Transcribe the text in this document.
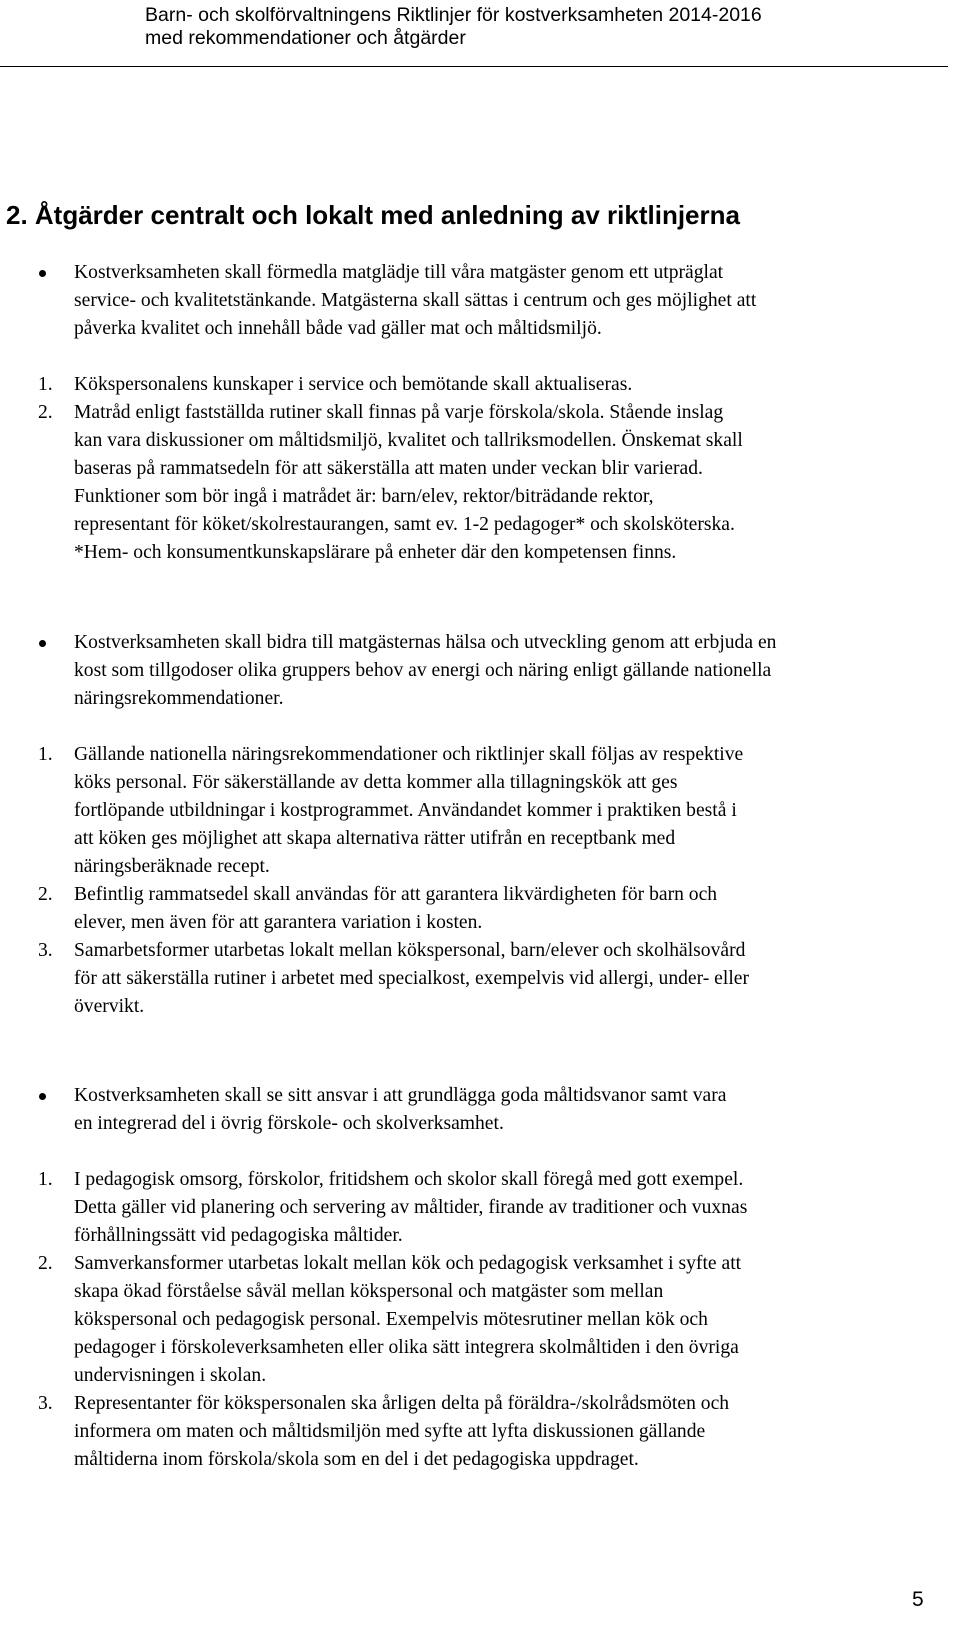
Barn- och skolförvaltningens Riktlinjer för kostverksamheten 2014-2016
med rekommendationer och åtgärder
2. Åtgärder centralt och lokalt med anledning av riktlinjerna
Kostverksamheten skall förmedla matglädje till våra matgäster genom ett utpräglat
service- och kvalitetstänkande. Matgästerna skall sättas i centrum och ges möjlighet att
påverka kvalitet och innehåll både vad gäller mat och måltidsmiljö.
1. Kökspersonalens kunskaper i service och bemötande skall aktualiseras.
2. Matråd enligt fastställda rutiner skall finnas på varje förskola/skola. Stående inslag
kan vara diskussioner om måltidsmiljö, kvalitet och tallriksmodellen. Önskemat skall
baseras på rammatsedeln för att säkerställa att maten under veckan blir varierad.
Funktioner som bör ingå i matrådet är: barn/elev, rektor/biträdande rektor,
representant för köket/skolrestaurangen, samt ev. 1-2 pedagoger* och skolsköterska.
*Hem- och konsumentkunskapslärare på enheter där den kompetensen finns.
Kostverksamheten skall bidra till matgästernas hälsa och utveckling genom att erbjuda en
kost som tillgodoser olika gruppers behov av energi och näring enligt gällande nationella
näringsrekommendationer.
1. Gällande nationella näringsrekommendationer och riktlinjer skall följas av respektive
köks personal. För säkerställande av detta kommer alla tillagningskök att ges
fortlöpande utbildningar i kostprogrammet. Användandet kommer i praktiken bestå i
att köken ges möjlighet att skapa alternativa rätter utifrån en receptbank med
näringsberäknade recept.
2. Befintlig rammatsedel skall användas för att garantera likvärdigheten för barn och
elever, men även för att garantera variation i kosten.
3. Samarbetsformer utarbetas lokalt mellan kökspersonal, barn/elever och skolhälsovård
för att säkerställa rutiner i arbetet med specialkost, exempelvis vid allergi, under- eller
övervikt.
Kostverksamheten skall se sitt ansvar i att grundlägga goda måltidsvanor samt vara
en integrerad del i övrig förskole- och skolverksamhet.
1. I pedagogisk omsorg, förskolor, fritidshem och skolor skall föregå med gott exempel.
Detta gäller vid planering och servering av måltider, firande av traditioner och vuxnas
förhållningssätt vid pedagogiska måltider.
2. Samverkansformer utarbetas lokalt mellan kök och pedagogisk verksamhet i syfte att
skapa ökad förståelse såväl mellan kökspersonal och matgäster som mellan
kökspersonal och pedagogisk personal. Exempelvis mötesrutiner mellan kök och
pedagoger i förskoleverksamheten eller olika sätt integrera skolmåltiden i den övriga
undervisningen i skolan.
3. Representanter för kökspersonalen ska årligen delta på föräldra-/skolrådsmöten och
informera om maten och måltidsmiljön med syfte att lyfta diskussionen gällande
måltiderna inom förskola/skola som en del i det pedagogiska uppdraget.
5
